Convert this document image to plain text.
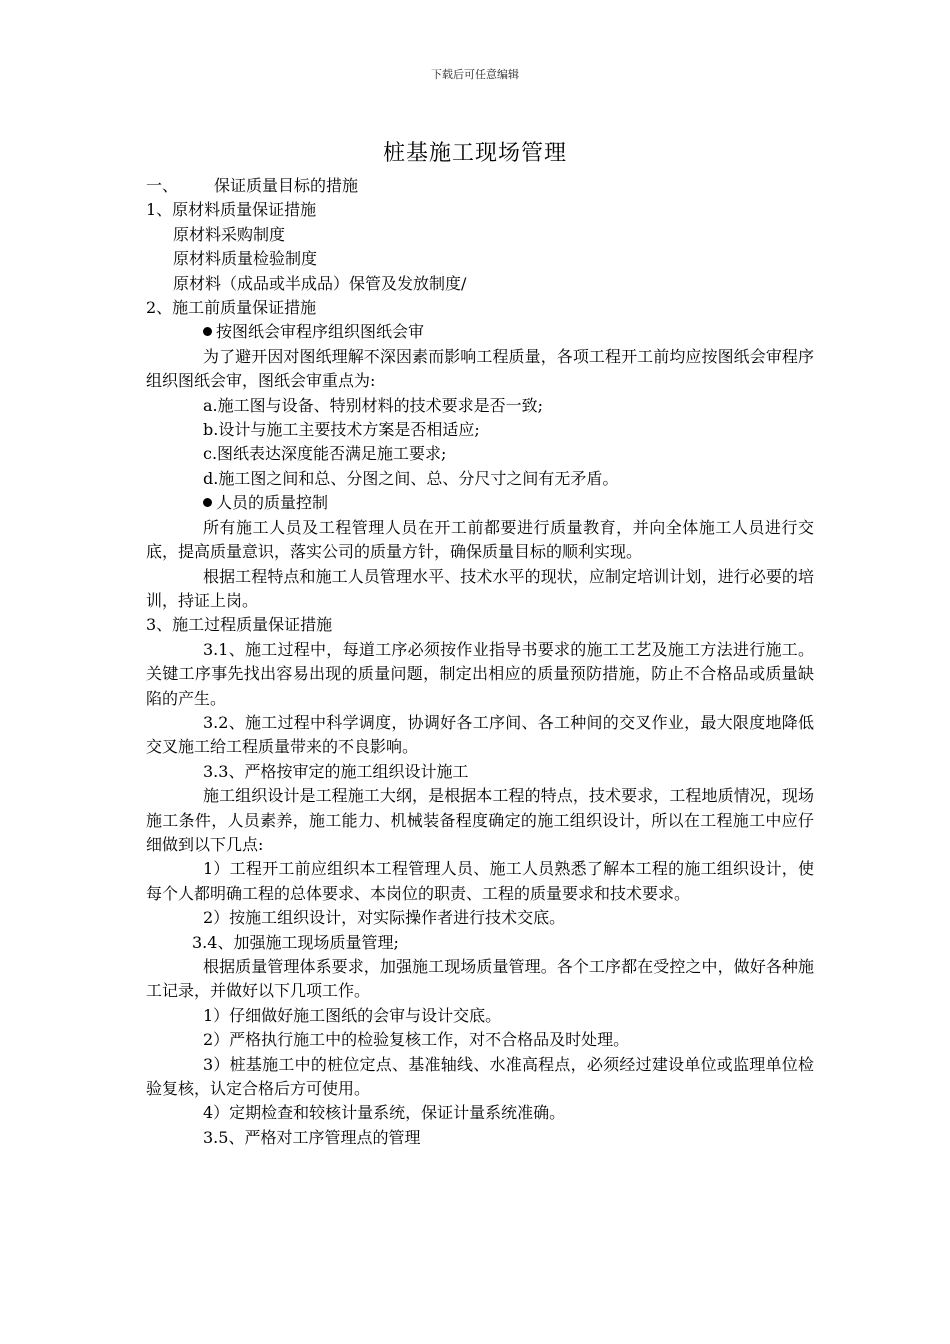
下载后可任意编辑
桩基施工现场管理

一、 保证质量目标的措施

1、原材料质量保证措施

原材料采购制度

原材料质量检验制度

原材料（成品或半成品）保管及发放制度/

2、施工前质量保证措施

按图纸会审程序组织图纸会审

为了避开因对图纸理解不深因素而影响工程质量，各项工程开工前均应按图纸会审程序组织图纸会审，图纸会审重点为:

a.施工图与设备、特别材料的技术要求是否一致;

b.设计与施工主要技术方案是否相适应;

c.图纸表达深度能否满足施工要求;

d.施工图之间和总、分图之间、总、分尺寸之间有无矛盾。

人员的质量控制

所有施工人员及工程管理人员在开工前都要进行质量教育，并向全体施工人员进行交底，提高质量意识，落实公司的质量方针，确保质量目标的顺利实现。

根据工程特点和施工人员管理水平、技术水平的现状，应制定培训计划，进行必要的培训，持证上岗。

3、施工过程质量保证措施

3.1、施工过程中，每道工序必须按作业指导书要求的施工工艺及施工方法进行施工。关键工序事先找出容易出现的质量问题，制定出相应的质量预防措施，防止不合格品或质量缺陷的产生。

3.2、施工过程中科学调度，协调好各工序间、各工种间的交叉作业，最大限度地降低交叉施工给工程质量带来的不良影响。

3.3、严格按审定的施工组织设计施工

施工组织设计是工程施工大纲，是根据本工程的特点，技术要求，工程地质情况，现场施工条件，人员素养，施工能力、机械装备程度确定的施工组织设计，所以在工程施工中应仔细做到以下几点:

1）工程开工前应组织本工程管理人员、施工人员熟悉了解本工程的施工组织设计，使每个人都明确工程的总体要求、本岗位的职责、工程的质量要求和技术要求。

2）按施工组织设计，对实际操作者进行技术交底。

3.4、加强施工现场质量管理;

根据质量管理体系要求，加强施工现场质量管理。各个工序都在受控之中，做好各种施工记录，并做好以下几项工作。

1）仔细做好施工图纸的会审与设计交底。

2）严格执行施工中的检验复核工作，对不合格品及时处理。

3）桩基施工中的桩位定点、基准轴线、水准高程点，必须经过建设单位或监理单位检验复核，认定合格后方可使用。

4）定期检查和较核计量系统，保证计量系统准确。

3.5、严格对工序管理点的管理
